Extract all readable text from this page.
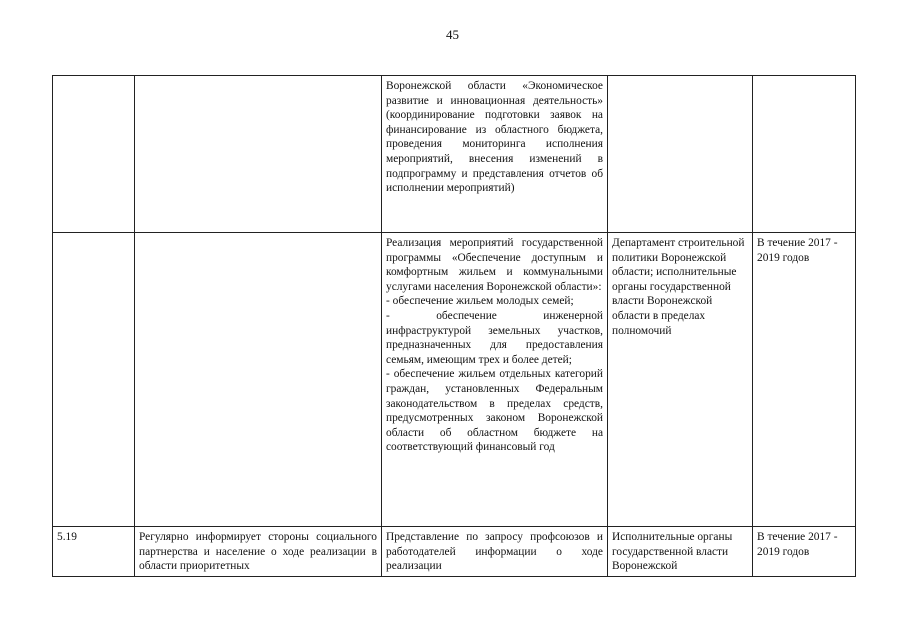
45

		Воронежской области «Экономическое развитие и инновационная деятельность» (координирование подготовки заявок на финансирование из областного бюджета, проведения мониторинга исполнения мероприятий, внесения изменений в подпрограмму и представления отчетов об исполнении мероприятий)		

		Реализация мероприятий государственной программы «Обеспечение доступным и комфортным жильем и коммунальными услугами населения Воронежской области»:

- обеспечение жильем молодых семей;

- обеспечение инженерной инфраструктурой земельных участков, предназначенных для предоставления семьям, имеющим трех и более детей;

- обеспечение жильем отдельных категорий граждан, установленных Федеральным законодательством в пределах средств, предусмотренных законом Воронежской области об областном бюджете на соответствующий финансовый год	Департамент строительной политики Воронежской области; исполнительные органы государственной власти Воронежской области в пределах полномочий	В течение 2017 - 2019 годов

5.19	Регулярно информирует стороны социального партнерства и население о ходе реализации в области приоритетных	Представление по запросу профсоюзов и работодателей информации о ходе реализации	Исполнительные органы государственной власти Воронежской	В течение 2017 - 2019 годов
